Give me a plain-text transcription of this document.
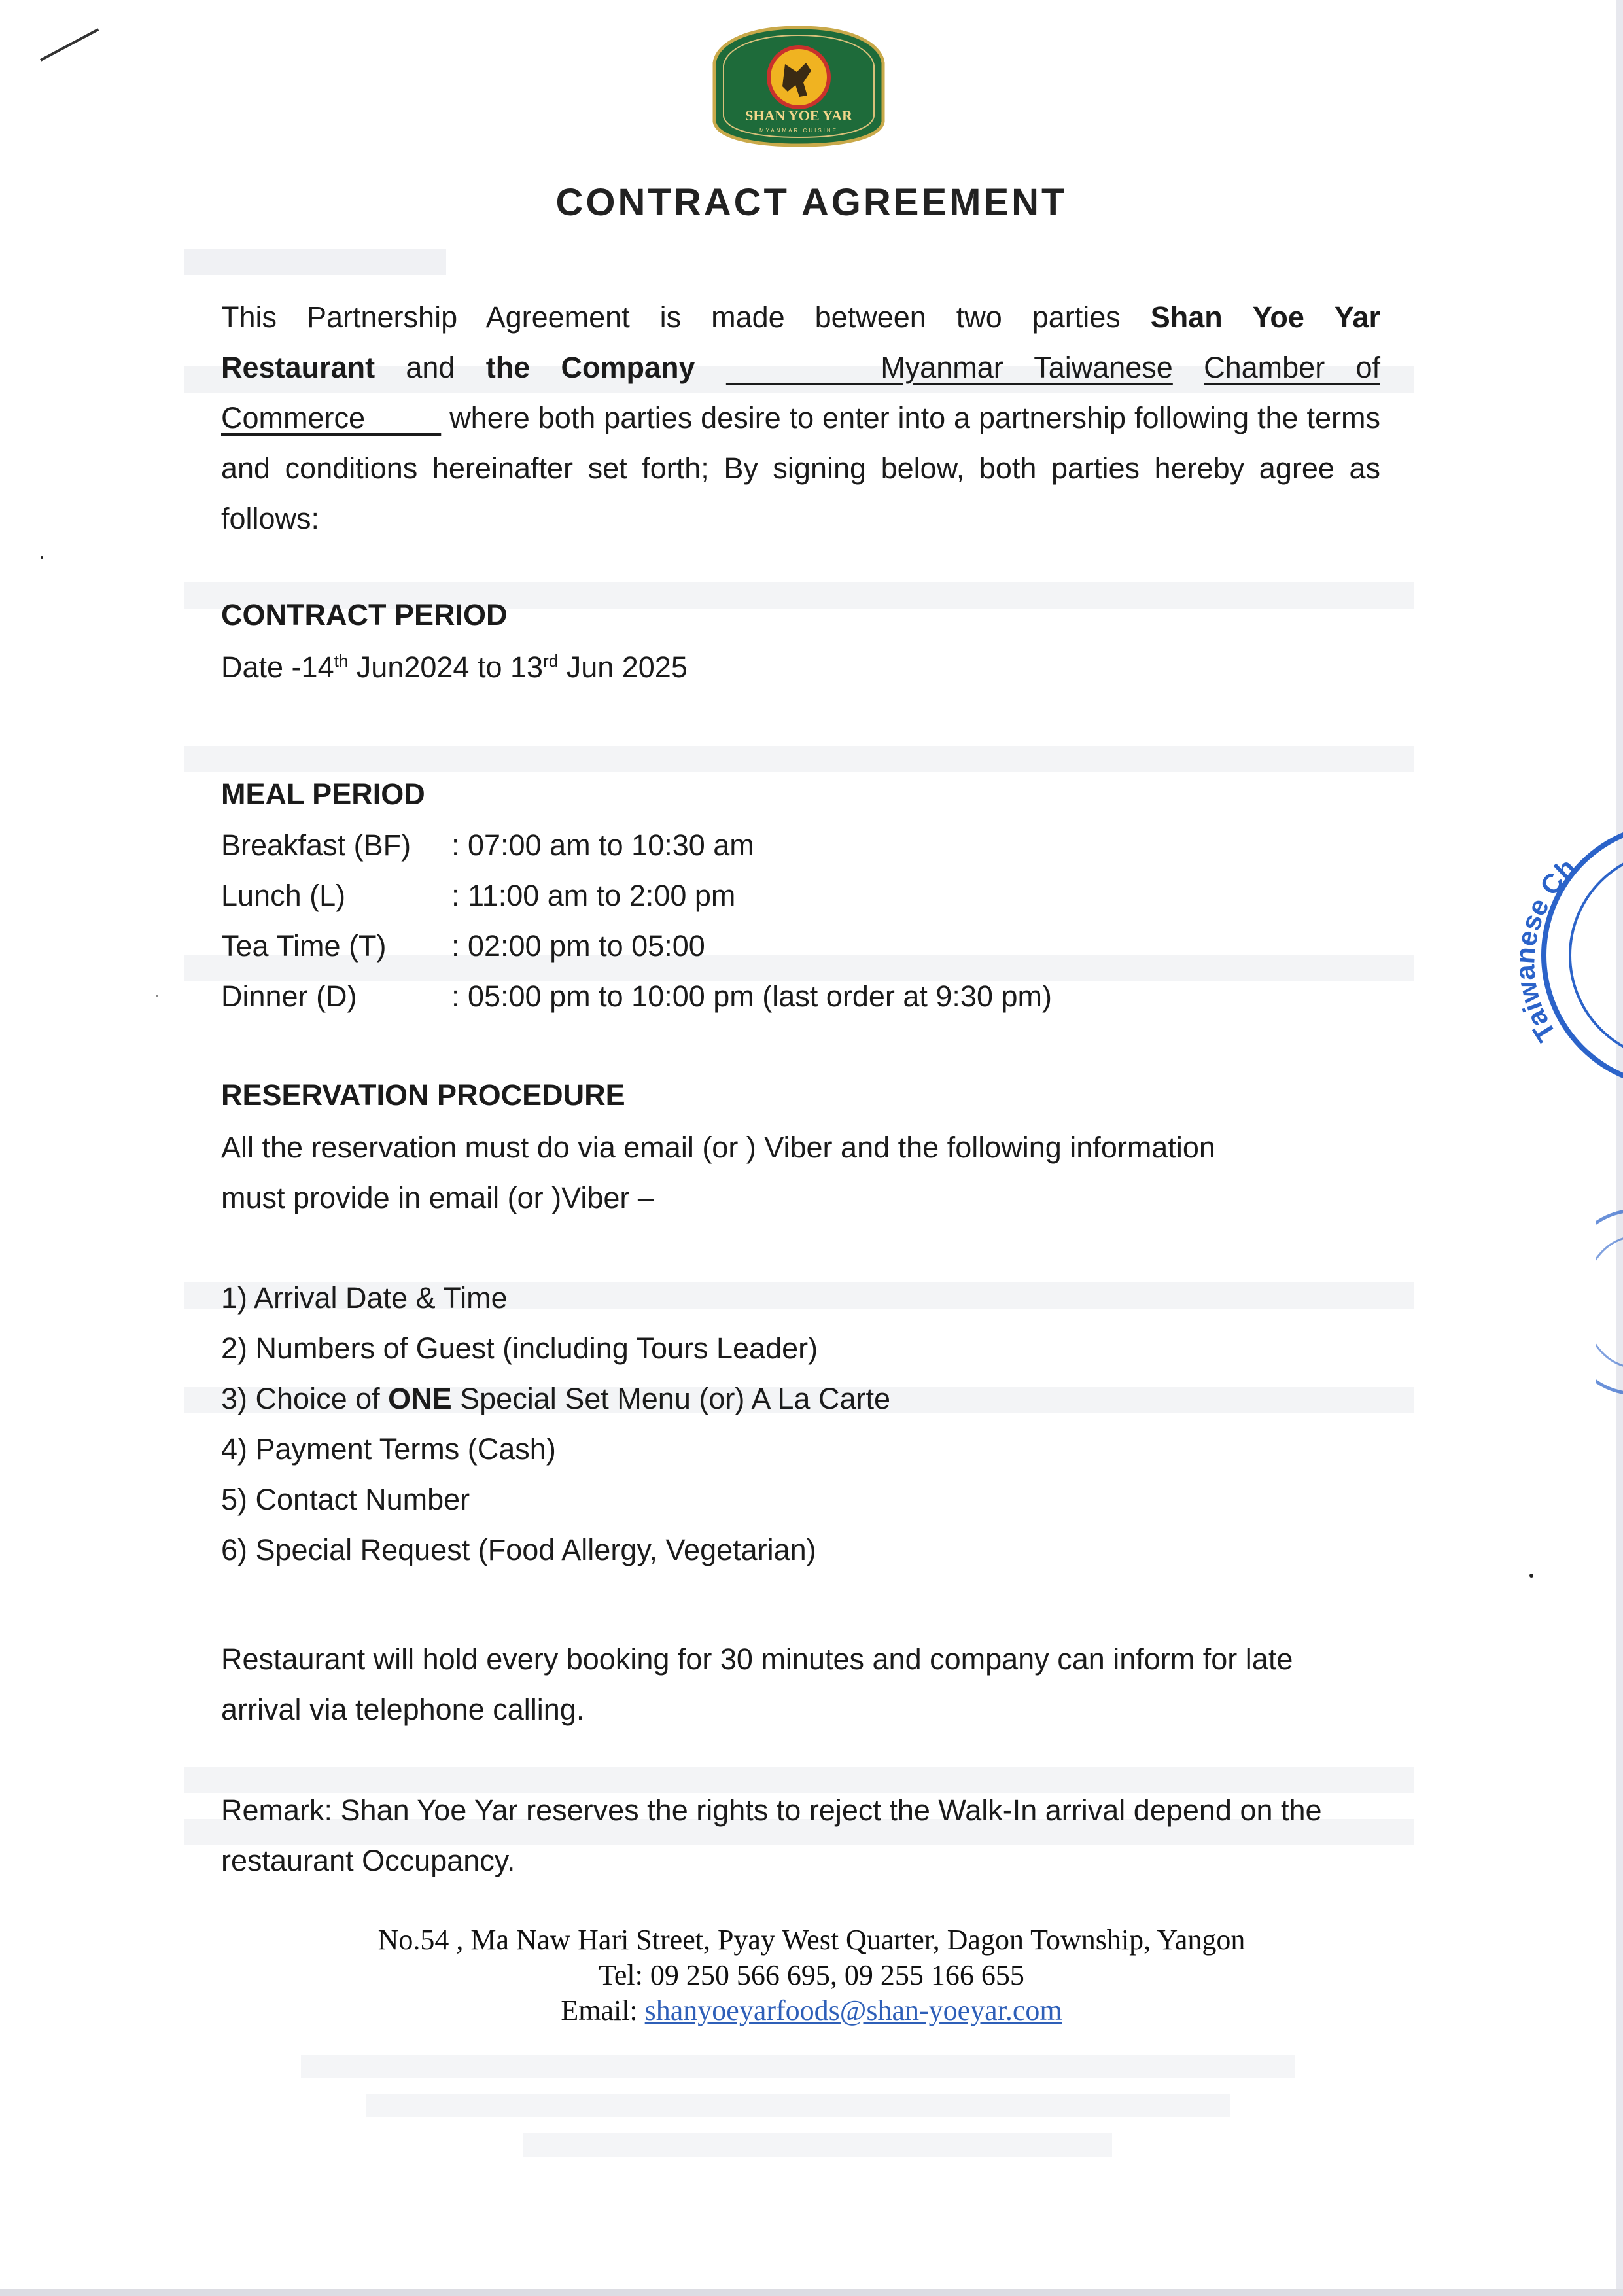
SHAN YOE YAR
MYANMAR CUISINE
CONTRACT AGREEMENT
This Partnership Agreement is made between two parties Shan Yoe Yar
Restaurant and the Company      Myanmar Taiwanese Chamber of
Commerce          where both parties desire to enter into a partnership following the terms and conditions hereinafter set forth; By signing below, both parties hereby agree as follows:
CONTRACT PERIOD
Date -14th Jun2024 to 13rd Jun 2025
MEAL PERIOD
Breakfast (BF) : 07:00 am to 10:30 am
Lunch (L)	: 11:00 am to 2:00 pm
Tea Time (T) : 02:00 pm to 05:00
Dinner (D)	: 05:00 pm to 10:00 pm (last order at 9:30 pm)
RESERVATION PROCEDURE
All the reservation must do via email (or ) Viber and the following information
must provide in email (or )Viber –
1) Arrival Date & Time
2) Numbers of Guest (including Tours Leader)
3) Choice of ONE Special Set Menu (or) A La Carte
4) Payment Terms (Cash)
5) Contact Number
6) Special Request (Food Allergy, Vegetarian)
Restaurant will hold every booking for 30 minutes and company can inform for late arrival via telephone calling.
Remark: Shan Yoe Yar reserves the rights to reject the Walk-In arrival depend on the restaurant Occupancy.
No.54 , Ma Naw Hari Street, Pyay West Quarter, Dagon Township, Yangon
Tel: 09 250 566 695, 09 255 166 655
Email: shanyoeyarfoods@shan-yoeyar.com
Taiwanese Ch
